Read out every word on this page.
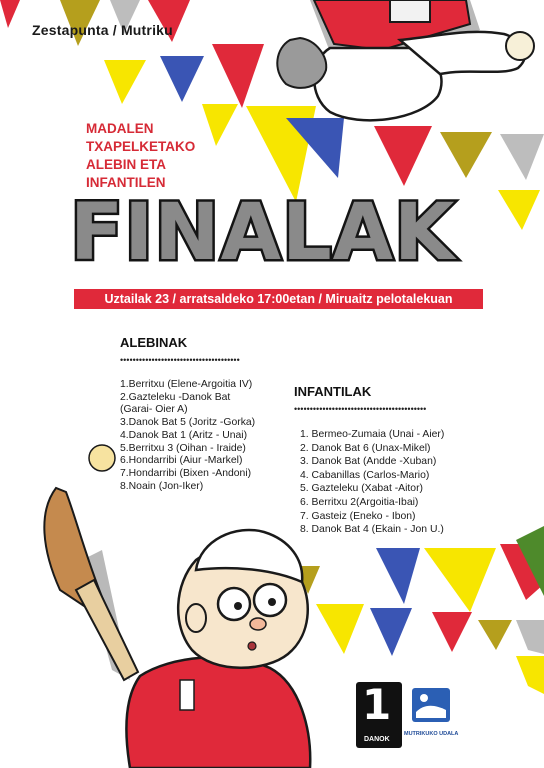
Zestapunta / Mutriku
MADALEN
TXAPELKETAKO
ALEBIN ETA
INFANTILEN
FINALAK
Uztailak 23 / arratsaldeko 17:00etan / Miruaitz pelotalekuan
ALEBINAK
••••••••••••••••••••••••••••••••••••••
1.Berritxu (Elene-Argoitia IV)
2.Gazteleku -Danok Bat
(Garai- Oier A)
3.Danok Bat 5 (Joritz -Gorka)
4.Danok Bat 1 (Aritz - Unai)
5.Berritxu 3 (Oihan - Iraide)
6.Hondarribi (Aiur -Markel)
7.Hondarribi (Bixen -Andoni)
8.Noain (Jon-Iker)
INFANTILAK
••••••••••••••••••••••••••••••••••••••••••
1. Bermeo-Zumaia (Unai - Aier)
2. Danok Bat 6 (Unax-Mikel)
3. Danok Bat (Andde -Xuban)
4. Cabanillas (Carlos-Mario)
5. Gazteleku (Xabat -Aitor)
6. Berritxu 2(Argoitia-Ibai)
7. Gasteiz (Eneko - Ibon)
8. Danok Bat 4 (Ekain - Jon U.)
1
DANOK
MUTRIKUKO UDALA
